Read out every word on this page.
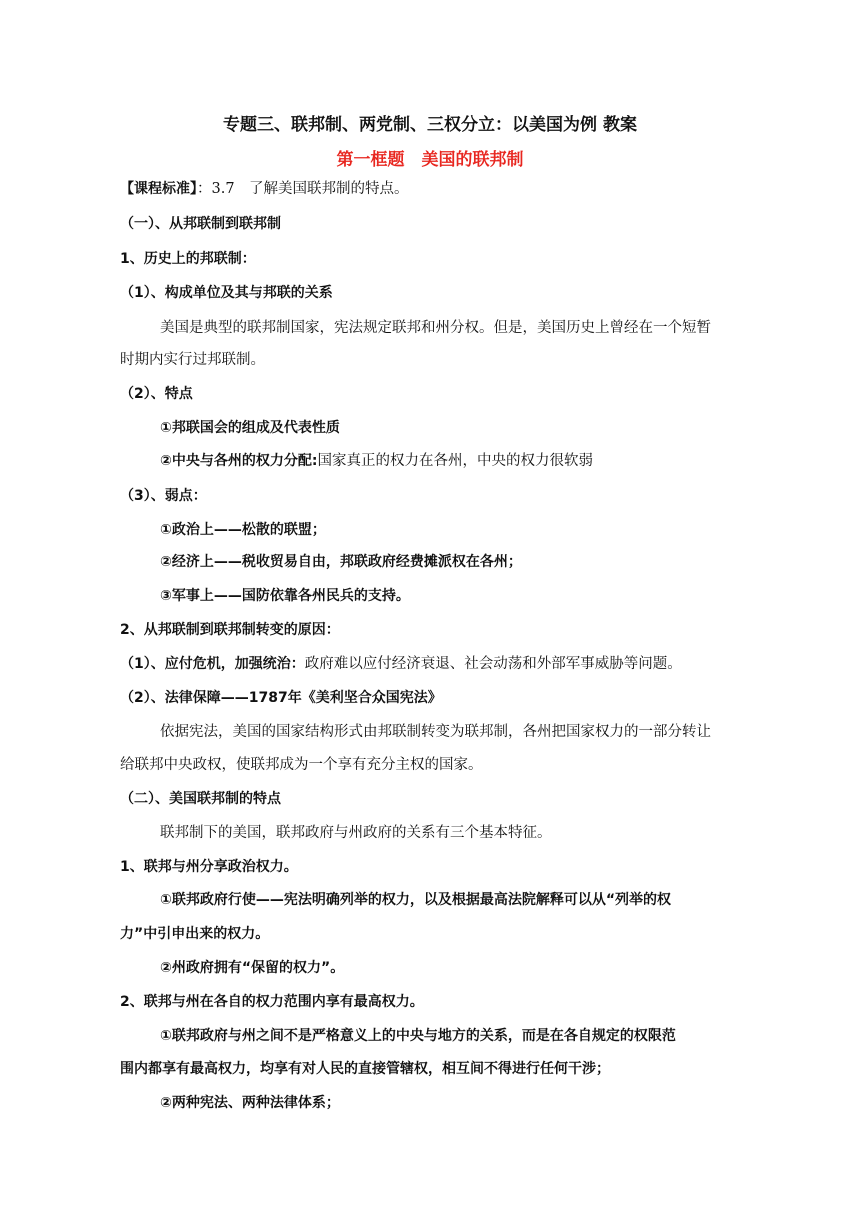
专题三、联邦制、两党制、三权分立：以美国为例 教案
第一框题　美国的联邦制
【课程标准】：3.7　了解美国联邦制的特点。
（一）、从邦联制到联邦制
1、历史上的邦联制：
（1）、构成单位及其与邦联的关系
美国是典型的联邦制国家，宪法规定联邦和州分权。但是，美国历史上曾经在一个短暂
时期内实行过邦联制。
（2）、特点
①邦联国会的组成及代表性质
②中央与各州的权力分配:国家真正的权力在各州，中央的权力很软弱
（3）、弱点：
①政治上——松散的联盟；
②经济上——税收贸易自由，邦联政府经费摊派权在各州；
③军事上——国防依靠各州民兵的支持。
2、从邦联制到联邦制转变的原因：
（1）、应付危机，加强统治：政府难以应付经济衰退、社会动荡和外部军事威胁等问题。
（2）、法律保障——1787年《美利坚合众国宪法》
依据宪法，美国的国家结构形式由邦联制转变为联邦制，各州把国家权力的一部分转让
给联邦中央政权，使联邦成为一个享有充分主权的国家。
（二）、美国联邦制的特点
联邦制下的美国，联邦政府与州政府的关系有三个基本特征。
1、联邦与州分享政治权力。
①联邦政府行使——宪法明确列举的权力，以及根据最高法院解释可以从“列举的权
力”中引申出来的权力。
②州政府拥有“保留的权力”。
2、联邦与州在各自的权力范围内享有最高权力。
①联邦政府与州之间不是严格意义上的中央与地方的关系，而是在各自规定的权限范
围内都享有最高权力，均享有对人民的直接管辖权，相互间不得进行任何干涉；
②两种宪法、两种法律体系；
